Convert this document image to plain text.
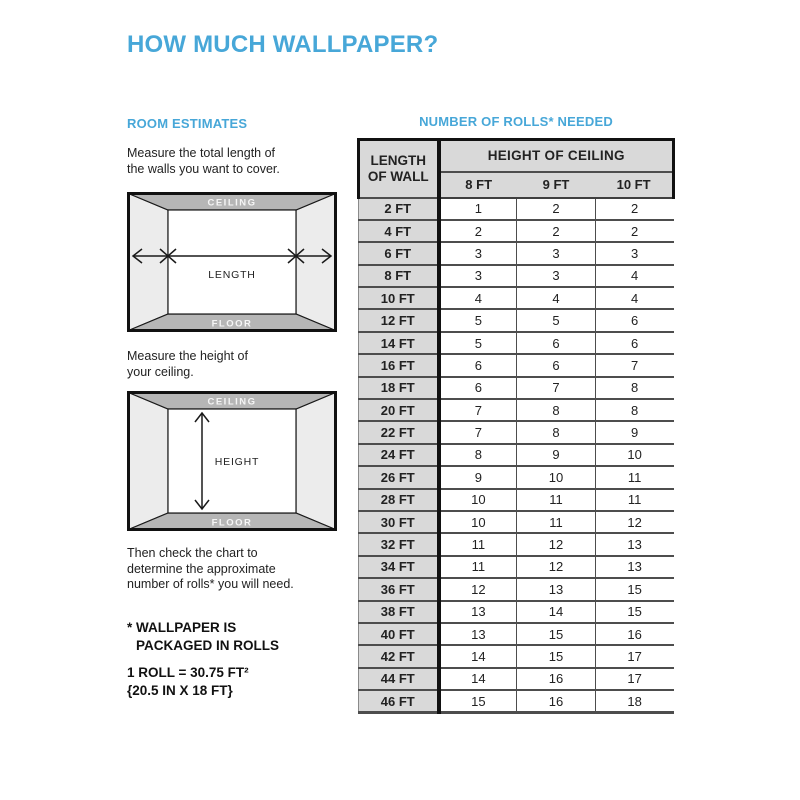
HOW MUCH WALLPAPER?
ROOM ESTIMATES
Measure the total length of
the walls you want to cover.
CEILING
FLOOR
LENGTH
Measure the height of
your ceiling.
CEILING
FLOOR
HEIGHT
Then check the chart to
determine the approximate
number of rolls* you will need.
* WALLPAPER IS
PACKAGED IN ROLLS
1 ROLL = 30.75 FT²
{20.5 IN X 18 FT}
NUMBER OF ROLLS* NEEDED
LENGTH
OF WALL	HEIGHT OF CEILING		
	8 FT	9 FT	10 FT
2 FT	1	2	2
4 FT	2	2	2
6 FT	3	3	3
8 FT	3	3	4
10 FT	4	4	4
12 FT	5	5	6
14 FT	5	6	6
16 FT	6	6	7
18 FT	6	7	8
20 FT	7	8	8
22 FT	7	8	9
24 FT	8	9	10
26 FT	9	10	11
28 FT	10	11	11
30 FT	10	11	12
32 FT	11	12	13
34 FT	11	12	13
36 FT	12	13	15
38 FT	13	14	15
40 FT	13	15	16
42 FT	14	15	17
44 FT	14	16	17
46 FT	15	16	18
